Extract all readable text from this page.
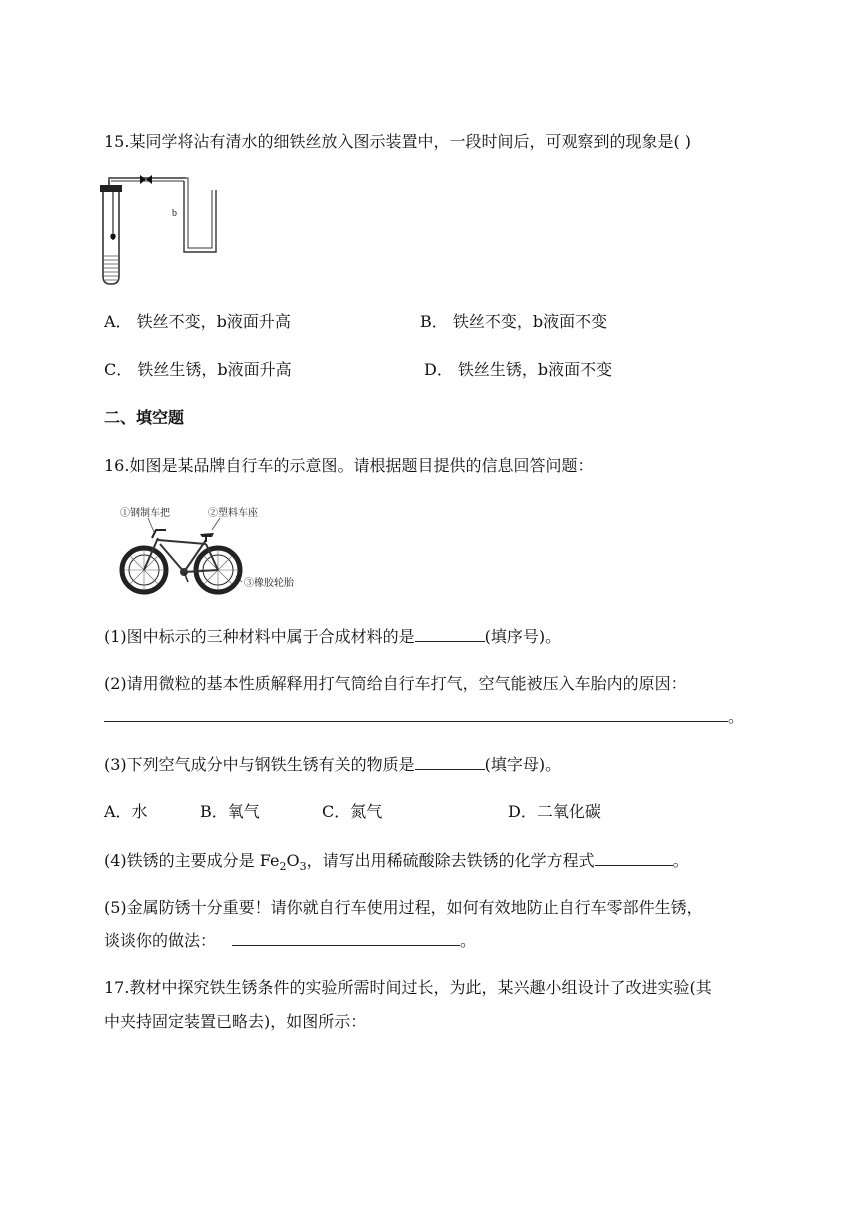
15.某同学将沾有清水的细铁丝放入图示装置中，一段时间后，可观察到的现象是( )
b
A． 铁丝不变，b液面升高	B． 铁丝不变，b液面不变
C． 铁丝生锈，b液面升高	D． 铁丝生锈，b液面不变
二、填空题
16.如图是某品牌自行车的示意图。请根据题目提供的信息回答问题：
①钢制车把	②塑料车座
③橡胶轮胎
(1)图中标示的三种材料中属于合成材料的是	(填序号)。
(2)请用微粒的基本性质解释用打气筒给自行车打气，空气能被压入车胎内的原因：
。
(3)下列空气成分中与钢铁生锈有关的物质是	(填字母)。
A．水	B．氧气	C．氮气	D．二氧化碳
(4)铁锈的主要成分是 $Fe_2O_3$，请写出用稀硫酸除去铁锈的化学方程式	。
(5)金属防锈十分重要！请你就自行车使用过程，如何有效地防止自行车零部件生锈，
谈谈你的做法：	。
17.教材中探究铁生锈条件的实验所需时间过长，为此，某兴趣小组设计了改进实验(其
中夹持固定装置已略去)，如图所示：
